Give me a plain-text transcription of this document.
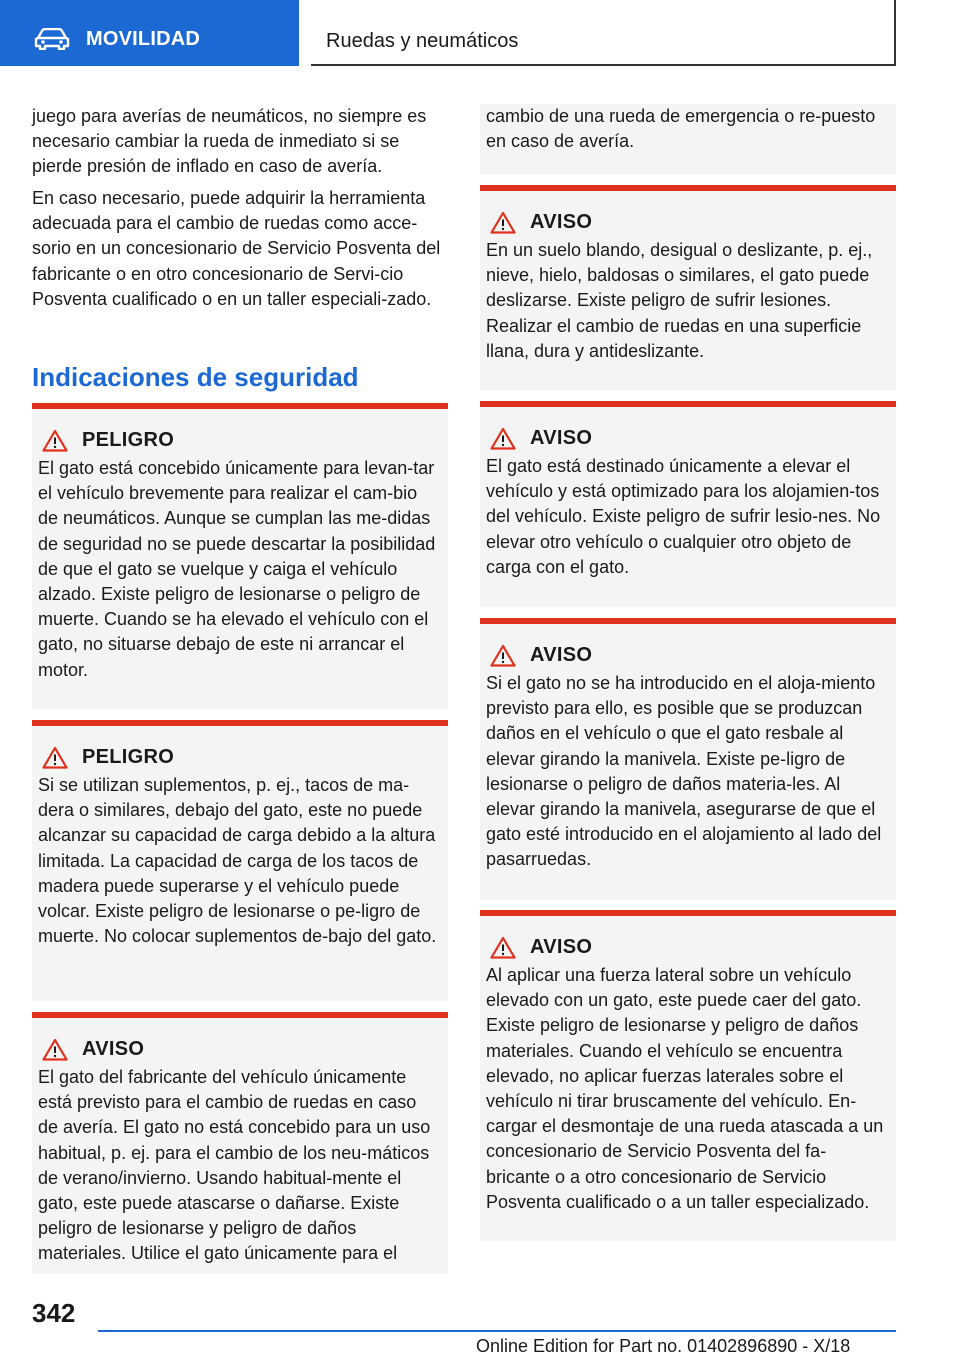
MOVILIDAD	Ruedas y neumáticos

juego para averías de neumáticos, no siempre es necesario cambiar la rueda de inmediato si se pierde presión de inflado en caso de avería.

En caso necesario, puede adquirir la herramienta adecuada para el cambio de ruedas como acce-sorio en un concesionario de Servicio Posventa del fabricante o en otro concesionario de Servi-cio Posventa cualificado o en un taller especiali-zado.

Indicaciones de seguridad
PELIGRO

El gato está concebido únicamente para levan-tar el vehículo brevemente para realizar el cam-bio de neumáticos. Aunque se cumplan las me-didas de seguridad no se puede descartar la posibilidad de que el gato se vuelque y caiga el vehículo alzado. Existe peligro de lesionarse o peligro de muerte. Cuando se ha elevado el vehículo con el gato, no situarse debajo de este ni arrancar el motor.

PELIGRO

Si se utilizan suplementos, p. ej., tacos de ma-dera o similares, debajo del gato, este no puede alcanzar su capacidad de carga debido a la altura limitada. La capacidad de carga de los tacos de madera puede superarse y el vehículo puede volcar. Existe peligro de lesionarse o pe-ligro de muerte. No colocar suplementos de-bajo del gato.

AVISO

El gato del fabricante del vehículo únicamente está previsto para el cambio de ruedas en caso de avería. El gato no está concebido para un uso habitual, p. ej. para el cambio de los neu-máticos de verano/invierno. Usando habitual-mente el gato, este puede atascarse o dañarse. Existe peligro de lesionarse y peligro de daños materiales. Utilice el gato únicamente para el

cambio de una rueda de emergencia o re-puesto en caso de avería.

AVISO

En un suelo blando, desigual o deslizante, p. ej., nieve, hielo, baldosas o similares, el gato puede deslizarse. Existe peligro de sufrir lesiones. Realizar el cambio de ruedas en una superficie llana, dura y antideslizante.

AVISO

El gato está destinado únicamente a elevar el vehículo y está optimizado para los alojamien-tos del vehículo. Existe peligro de sufrir lesio-nes. No elevar otro vehículo o cualquier otro objeto de carga con el gato.

AVISO

Si el gato no se ha introducido en el aloja-miento previsto para ello, es posible que se produzcan daños en el vehículo o que el gato resbale al elevar girando la manivela. Existe pe-ligro de lesionarse o peligro de daños materia-les. Al elevar girando la manivela, asegurarse de que el gato esté introducido en el alojamiento al lado del pasarruedas.

AVISO

Al aplicar una fuerza lateral sobre un vehículo elevado con un gato, este puede caer del gato. Existe peligro de lesionarse y peligro de daños materiales. Cuando el vehículo se encuentra elevado, no aplicar fuerzas laterales sobre el vehículo ni tirar bruscamente del vehículo. En-cargar el desmontaje de una rueda atascada a un concesionario de Servicio Posventa del fa-bricante o a otro concesionario de Servicio Posventa cualificado o a un taller especializado.

342
Online Edition for Part no. 01402896890 - X/18
